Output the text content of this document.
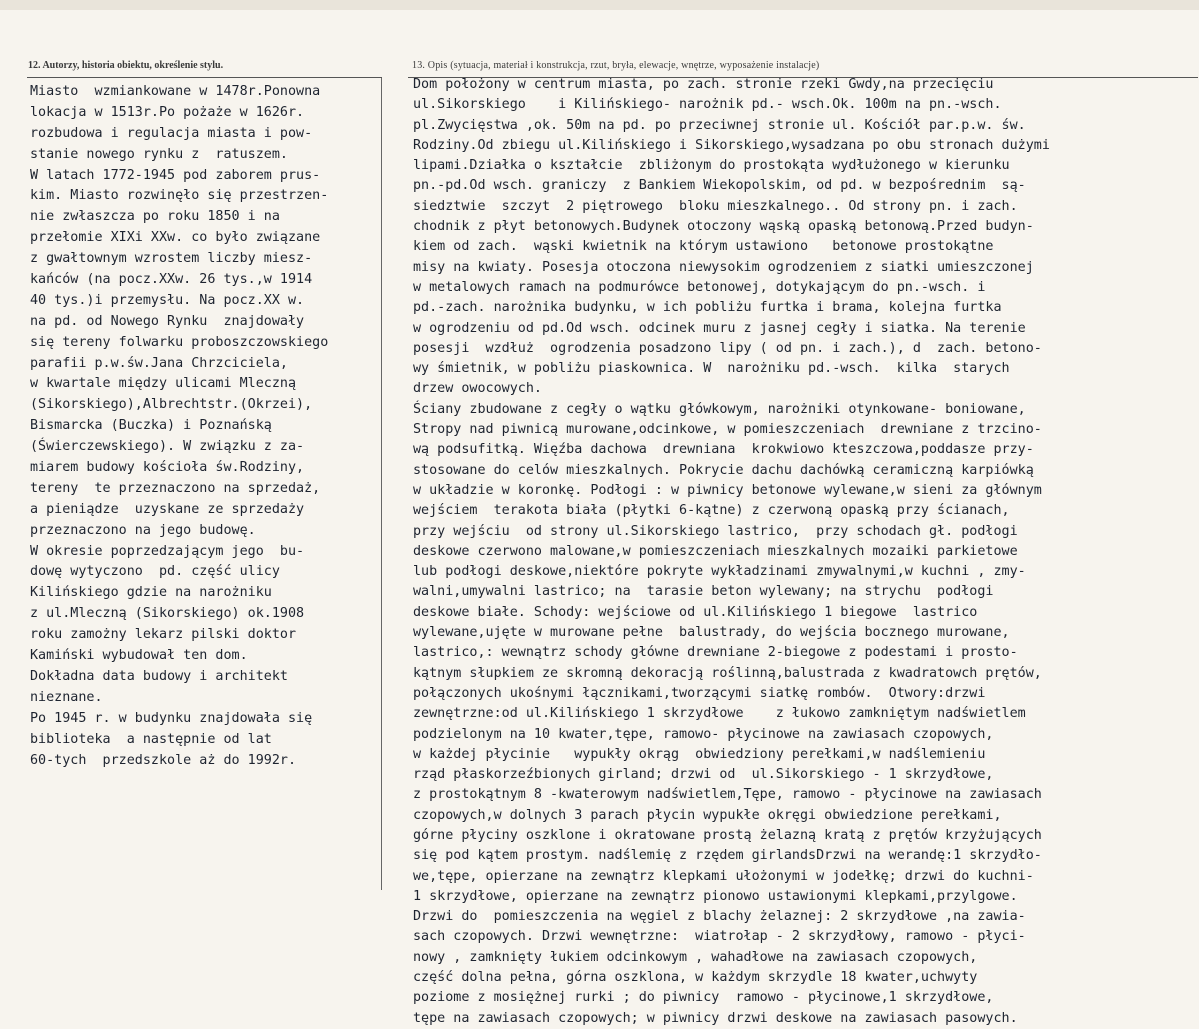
12. Autorzy, historia obiektu, określenie stylu.	13. Opis (sytuacja, materiał i konstrukcja, rzut, bryła, elewacje, wnętrze, wyposażenie instalacje)
Miasto  wzmiankowane w 1478r.Ponowna
lokacja w 1513r.Po pożaże w 1626r.
rozbudowa i regulacja miasta i pow-
stanie nowego rynku z  ratuszem.
W latach 1772-1945 pod zaborem prus-
kim. Miasto rozwinęło się przestrzen-
nie zwłaszcza po roku 1850 i na
przełomie XIXi XXw. co było związane
z gwałtownym wzrostem liczby miesz-
kańców (na pocz.XXw. 26 tys.,w 1914
40 tys.)i przemysłu. Na pocz.XX w.
na pd. od Nowego Rynku  znajdowały
się tereny folwarku proboszczowskiego
parafii p.w.św.Jana Chrzciciela,
w kwartale między ulicami Mleczną
(Sikorskiego),Albrechtstr.(Okrzei),
Bismarcka (Buczka) i Poznańską
(Świerczewskiego). W związku z za-
miarem budowy kościoła św.Rodziny,
tereny  te przeznaczono na sprzedaż,
a pieniądze  uzyskane ze sprzedaży
przeznaczono na jego budowę.
W okresie poprzedzającym jego  bu-
dowę wytyczono  pd. część ulicy
Kilińskiego gdzie na narożniku
z ul.Mleczną (Sikorskiego) ok.1908
roku zamożny lekarz pilski doktor
Kamiński wybudował ten dom.
Dokładna data budowy i architekt
nieznane.
Po 1945 r. w budynku znajdowała się
biblioteka  a następnie od lat
60-tych  przedszkole aż do 1992r.
Dom położony w centrum miasta, po zach. stronie rzeki Gwdy,na przecięciu
ul.Sikorskiego    i Kilińskiego- narożnik pd.- wsch.Ok. 100m na pn.-wsch.
pl.Zwycięstwa ,ok. 50m na pd. po przeciwnej stronie ul. Kościół par.p.w. św.
Rodziny.Od zbiegu ul.Kilińskiego i Sikorskiego,wysadzana po obu stronach dużymi
lipami.Działka o kształcie  zbliżonym do prostokąta wydłużonego w kierunku
pn.-pd.Od wsch. graniczy  z Bankiem Wiekopolskim, od pd. w bezpośrednim  są-
siedztwie  szczyt  2 piętrowego  bloku mieszkalnego.. Od strony pn. i zach.
chodnik z płyt betonowych.Budynek otoczony wąską opaską betonową.Przed budyn-
kiem od zach.  wąski kwietnik na którym ustawiono   betonowe prostokątne
misy na kwiaty. Posesja otoczona niewysokim ogrodzeniem z siatki umieszczonej
w metalowych ramach na podmurówce betonowej, dotykającym do pn.-wsch. i
pd.-zach. narożnika budynku, w ich pobliżu furtka i brama, kolejna furtka
w ogrodzeniu od pd.Od wsch. odcinek muru z jasnej cegły i siatka. Na terenie
posesji  wzdłuż  ogrodzenia posadzono lipy ( od pn. i zach.), d  zach. betono-
wy śmietnik, w pobliżu piaskownica. W  narożniku pd.-wsch.  kilka  starych
drzew owocowych.
Ściany zbudowane z cegły o wątku główkowym, narożniki otynkowane- boniowane,
Stropy nad piwnicą murowane,odcinkowe, w pomieszczeniach  drewniane z trzcino-
wą podsufitką. Więźba dachowa  drewniana  krokwiowo kteszczowa,poddasze przy-
stosowane do celów mieszkalnych. Pokrycie dachu dachówką ceramiczną karpiówką
w układzie w koronkę. Podłogi : w piwnicy betonowe wylewane,w sieni za głównym
wejściem  terakota biała (płytki 6-kątne) z czerwoną opaską przy ścianach,
przy wejściu  od strony ul.Sikorskiego lastrico,  przy schodach gł. podłogi
deskowe czerwono malowane,w pomieszczeniach mieszkalnych mozaiki parkietowe
lub podłogi deskowe,niektóre pokryte wykładzinami zmywalnymi,w kuchni , zmy-
walni,umywalni lastrico; na  tarasie beton wylewany; na strychu  podłogi
deskowe białe. Schody: wejściowe od ul.Kilińskiego 1 biegowe  lastrico
wylewane,ujęte w murowane pełne  balustrady, do wejścia bocznego murowane,
lastrico,: wewnątrz schody główne drewniane 2-biegowe z podestami i prosto-
kątnym słupkiem ze skromną dekoracją roślinną,balustrada z kwadratowch prętów,
połączonych ukośnymi łącznikami,tworzącymi siatkę rombów.  Otwory:drzwi
zewnętrzne:od ul.Kilińskiego 1 skrzydłowe    z łukowo zamkniętym nadświetlem
podzielonym na 10 kwater,tępe, ramowo- płycinowe na zawiasach czopowych,
w każdej płycinie   wypukły okrąg  obwiedziony perełkami,w nadślemieniu
rząd płaskorzeźbionych girland; drzwi od  ul.Sikorskiego - 1 skrzydłowe,
z prostokątnym 8 -kwaterowym nadświetlem,Tępe, ramowo - płycinowe na zawiasach
czopowych,w dolnych 3 parach płycin wypukłe okręgi obwiedzione perełkami,
górne płyciny oszklone i okratowane prostą żelazną kratą z prętów krzyżujących
się pod kątem prostym. nadślemię z rzędem girlandsDrzwi na werandę:1 skrzydło-
we,tępe, opierzane na zewnątrz klepkami ułożonymi w jodełkę; drzwi do kuchni-
1 skrzydłowe, opierzane na zewnątrz pionowo ustawionymi klepkami,przylgowe.
Drzwi do  pomieszczenia na węgiel z blachy żelaznej: 2 skrzydłowe ,na zawia-
sach czopowych. Drzwi wewnętrzne:  wiatrołap - 2 skrzydłowy, ramowo - płyci-
nowy , zamknięty łukiem odcinkowym , wahadłowe na zawiasach czopowych,
część dolna pełna, górna oszklona, w każdym skrzydle 18 kwater,uchwyty
poziome z mosiężnej rurki ; do piwnicy  ramowo - płycinowe,1 skrzydłowe,
tępe na zawiasach czopowych; w piwnicy drzwi deskowe na zawiasach pasowych.
